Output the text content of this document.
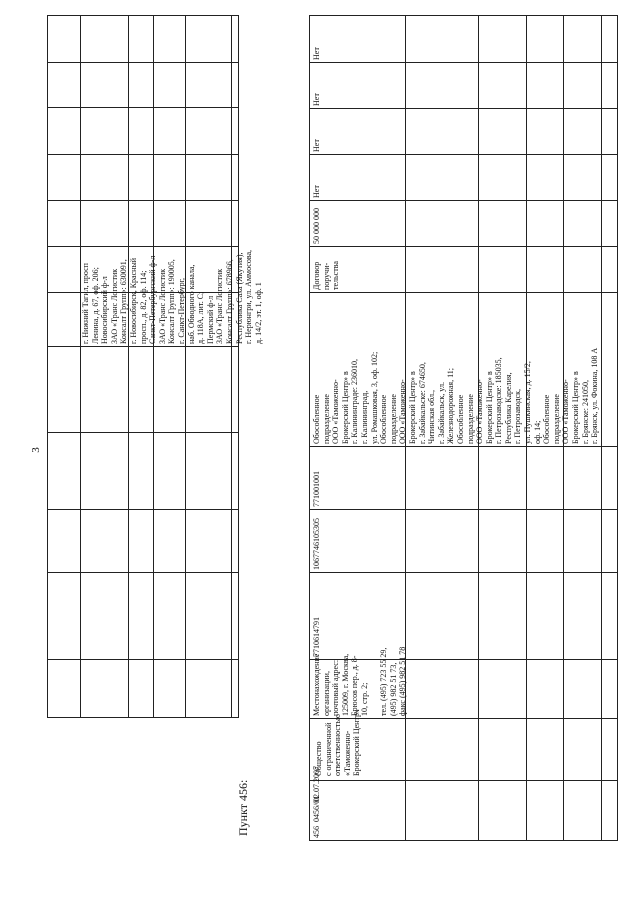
3
г. Нижний Тагил, просп
Ленина, д. 67, оф. 206;
Новосибирский ф-л
ЗАО «Транс Логистик
Консалт Групп»: 630091,
г. Новосибирск, Красный
просп., д. 82, оф. 114;
Санкт-Петербургский ф-л
ЗАО «Транс Логистик
Консалт Групп»: 190005,
г. Санкт-Петербург,
наб. Обводного канала,
д. 118А, лит. С;
Пермский ф-л
ЗАО «Транс Логистик
Консалт Групп»: 678966,
Республика Саха (Якутия),
г. Нерюнгри, ул. Аммосова,
д. 14/2, эт. 1, оф. 1
Пункт 456:
Нет
Нет
Нет
Нет
50 000 000
Договор
поручи-
тельства
Обособленное
подразделение
ООО «Таможенно-
Брокерский Центр» в
г. Калининграде: 236010,
г. Калининград,
ул. Ромашковая, 3, оф. 102;
Обособленное
подразделение
ООО «Таможенно-
Брокерский Центр» в
г. Забайкальске: 674650,
Читинская обл.,
г. Забайкальск, ул.
Железнодорожная, 11;
Обособленное
подразделение
ООО «Таможенно-
Брокерский Центр» в
г. Петрозаводске: 185035,
Республика Карелия,
г. Петрозаводск,
ул. Пушкинская, д. 15/2,
оф. 14;
Обособленное
подразделение
ООО «Таможенно-
Брокерский Центр» в
г. Брянске: 241050,
г. Брянск, ул. Фокина, 108 А
771001001
1067746105305
7710614791
Местонахождение
организации,
почтовый адрес:
125009, г. Москва,
Брюсов пер., д. 8-
10, стр. 2;

тел. (495) 723 55 29,
(495) 982 51 73,
факс (495) 982 51 78
Общество
с ограниченной
ответственностью
«Таможенно-
Брокерский Центр»
02.07.2007
0456/01
456
